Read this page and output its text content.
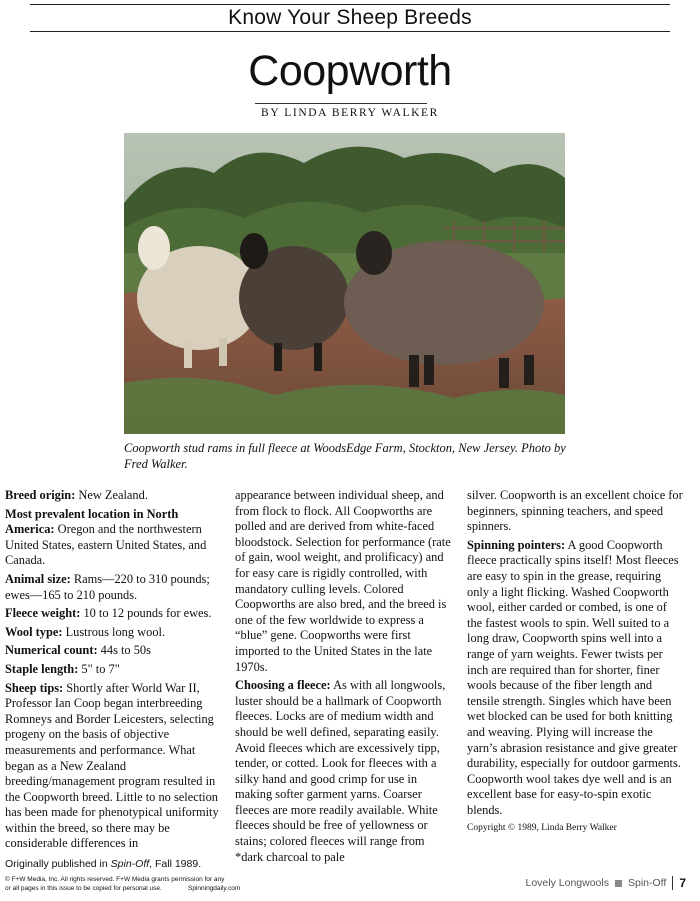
Know Your Sheep Breeds
Coopworth
BY LINDA BERRY WALKER
Coopworth stud rams in full fleece at WoodsEdge Farm, Stockton, New Jersey. Photo by Fred Walker.

Breed origin: New Zealand.

Most prevalent location in North America: Oregon and the northwestern United States, eastern United States, and Canada.

Animal size: Rams—220 to 310 pounds; ewes—165 to 210 pounds.

Fleece weight: 10 to 12 pounds for ewes.

Wool type: Lustrous long wool.

Numerical count: 44s to 50s

Staple length: 5" to 7"

Sheep tips: Shortly after World War II, Professor Ian Coop began interbreeding Romneys and Border Leicesters, selecting progeny on the basis of objective measurements and performance. What began as a New Zealand breeding/management program resulted in the Coopworth breed. Little to no selection has been made for phenotypical uniformity within the breed, so there may be considerable differences in

appearance between individual sheep, and from flock to flock. All Coopworths are polled and are derived from white-faced bloodstock. Selection for performance (rate of gain, wool weight, and prolificacy) and for easy care is rigidly controlled, with mandatory culling levels. Colored Coopworths are also bred, and the breed is one of the few worldwide to express a “blue” gene. Coopworths were first imported to the United States in the late 1970s.

Choosing a fleece: As with all longwools, luster should be a hallmark of Coopworth fleeces. Locks are of medium width and should be well defined, separating easily. Avoid fleeces which are excessively tipp, tender, or cotted. Look for fleeces with a silky hand and good crimp for use in making softer garment yarns. Coarser fleeces are more readily available. White fleeces should be free of yellowness or stains; colored fleeces will range from *dark charcoal to pale

silver. Coopworth is an excellent choice for beginners, spinning teachers, and speed spinners.

Spinning pointers: A good Coopworth fleece practically spins itself! Most fleeces are easy to spin in the grease, requiring only a light flicking. Washed Coopworth wool, either carded or combed, is one of the fastest wools to spin. Well suited to a long draw, Coopworth spins well into a range of yarn weights. Fewer twists per inch are required than for shorter, finer wools because of the fiber length and tensile strength. Singles which have been wet blocked can be used for both knitting and weaving. Plying will increase the yarn’s abrasion resistance and give greater durability, especially for outdoor garments. Coopworth wool takes dye well and is an excellent base for easy-to-spin exotic blends.

Copyright © 1989, Linda Berry Walker

Originally published in Spin-Off, Fall 1989.
© F+W Media, Inc. All rights reserved. F+W Media grants permission for any
or all pages in this issue to be copied for personal use.	Spinningdaily.com	Lovely Longwools Spin-Off	7
